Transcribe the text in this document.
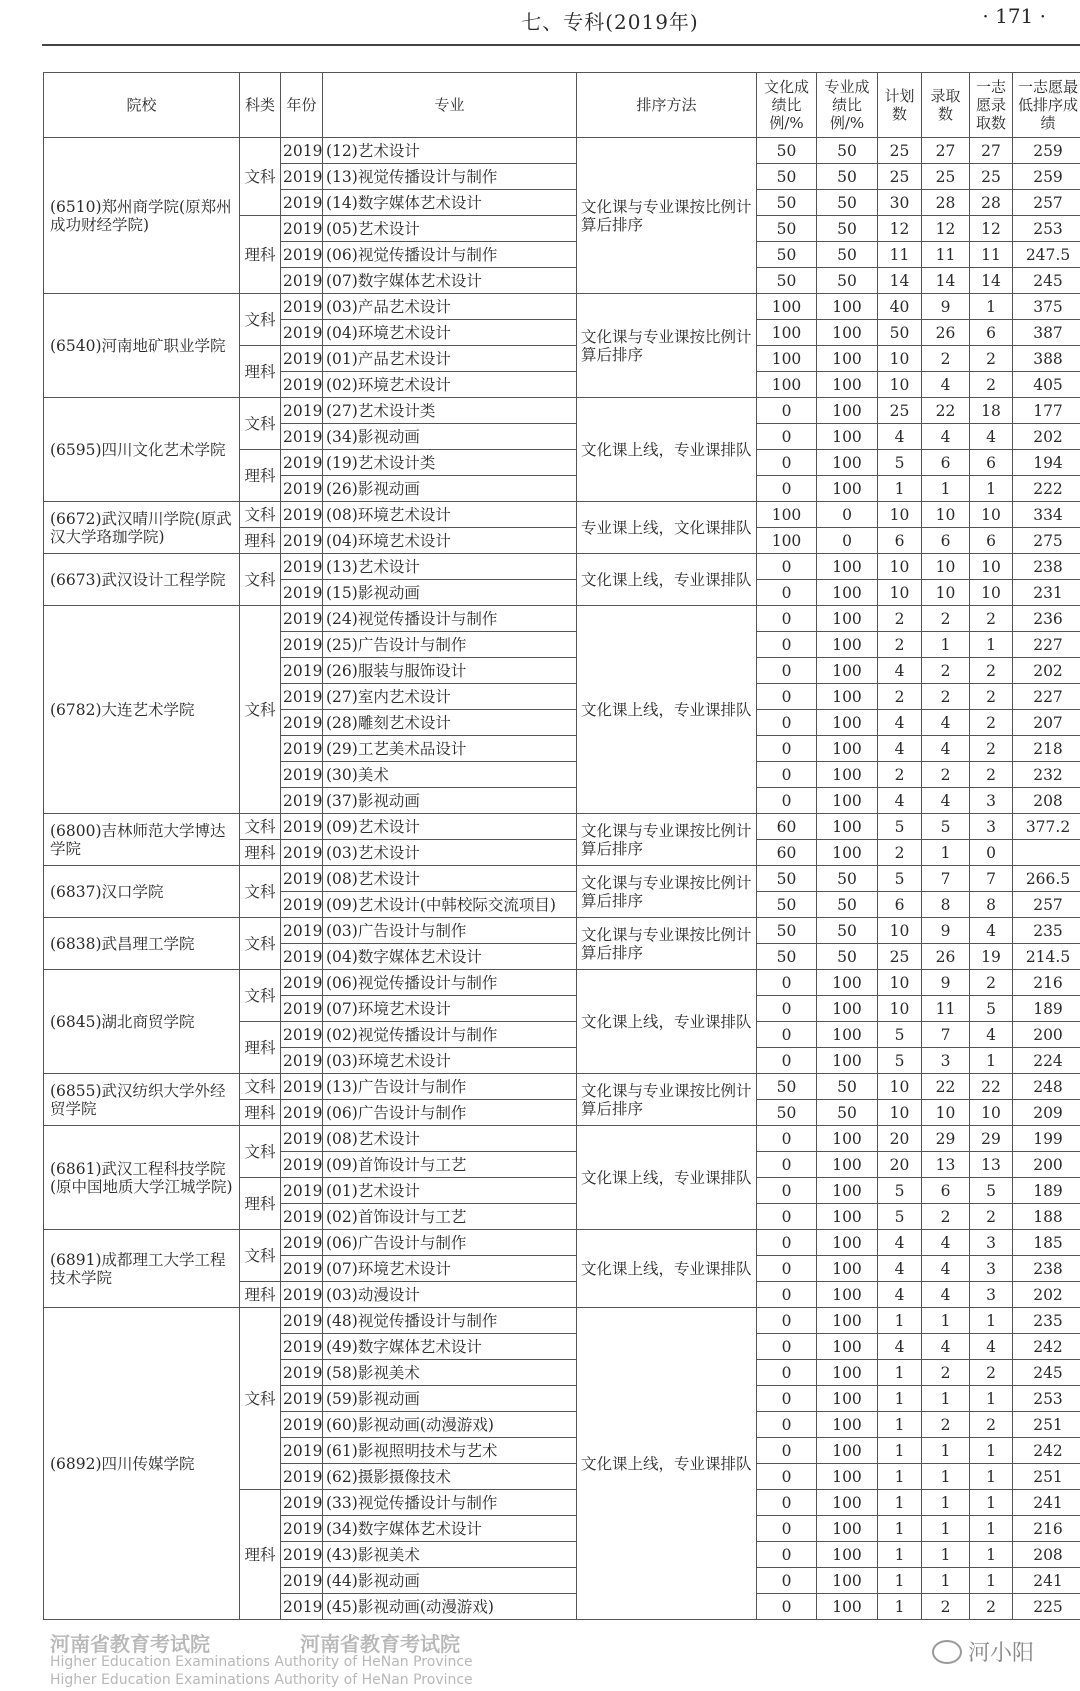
七、专科(2019年)	· 171 ·
院校	科类	年份	专业	排序方法	文化成绩比例/%	专业成绩比例/%	计划数	录取数	一志愿录取数	一志愿最低排序成绩
(6510)郑州商学院(原郑州成功财经学院)	文科	2019	(12)艺术设计	文化课与专业课按比例计算后排序	50	50	25	27	27	259
		2019	(13)视觉传播设计与制作		50	50	25	25	25	259
		2019	(14)数字媒体艺术设计		50	50	30	28	28	257
	理科	2019	(05)艺术设计		50	50	12	12	12	253
		2019	(06)视觉传播设计与制作		50	50	11	11	11	247.5
		2019	(07)数字媒体艺术设计		50	50	14	14	14	245
(6540)河南地矿职业学院	文科	2019	(03)产品艺术设计	文化课与专业课按比例计算后排序	100	100	40	9	1	375
		2019	(04)环境艺术设计		100	100	50	26	6	387
	理科	2019	(01)产品艺术设计		100	100	10	2	2	388
		2019	(02)环境艺术设计		100	100	10	4	2	405
(6595)四川文化艺术学院	文科	2019	(27)艺术设计类	文化课上线，专业课排队	0	100	25	22	18	177
		2019	(34)影视动画		0	100	4	4	4	202
	理科	2019	(19)艺术设计类		0	100	5	6	6	194
		2019	(26)影视动画		0	100	1	1	1	222
(6672)武汉晴川学院(原武汉大学珞珈学院)	文科	2019	(08)环境艺术设计	专业课上线，文化课排队	100	0	10	10	10	334
	理科	2019	(04)环境艺术设计		100	0	6	6	6	275
(6673)武汉设计工程学院	文科	2019	(13)艺术设计	文化课上线，专业课排队	0	100	10	10	10	238
		2019	(15)影视动画		0	100	10	10	10	231
(6782)大连艺术学院	文科	2019	(24)视觉传播设计与制作	文化课上线，专业课排队	0	100	2	2	2	236
		2019	(25)广告设计与制作		0	100	2	1	1	227
		2019	(26)服装与服饰设计		0	100	4	2	2	202
		2019	(27)室内艺术设计		0	100	2	2	2	227
		2019	(28)雕刻艺术设计		0	100	4	4	2	207
		2019	(29)工艺美术品设计		0	100	4	4	2	218
		2019	(30)美术		0	100	2	2	2	232
		2019	(37)影视动画		0	100	4	4	3	208
(6800)吉林师范大学博达学院	文科	2019	(09)艺术设计	文化课与专业课按比例计算后排序	60	100	5	5	3	377.2
	理科	2019	(03)艺术设计		60	100	2	1	0	
(6837)汉口学院	文科	2019	(08)艺术设计	文化课与专业课按比例计算后排序	50	50	5	7	7	266.5
		2019	(09)艺术设计(中韩校际交流项目)		50	50	6	8	8	257
(6838)武昌理工学院	文科	2019	(03)广告设计与制作	文化课与专业课按比例计算后排序	50	50	10	9	4	235
		2019	(04)数字媒体艺术设计		50	50	25	26	19	214.5
(6845)湖北商贸学院	文科	2019	(06)视觉传播设计与制作	文化课上线，专业课排队	0	100	10	9	2	216
		2019	(07)环境艺术设计		0	100	10	11	5	189
	理科	2019	(02)视觉传播设计与制作		0	100	5	7	4	200
		2019	(03)环境艺术设计		0	100	5	3	1	224
(6855)武汉纺织大学外经贸学院	文科	2019	(13)广告设计与制作	文化课与专业课按比例计算后排序	50	50	10	22	22	248
	理科	2019	(06)广告设计与制作		50	50	10	10	10	209
(6861)武汉工程科技学院(原中国地质大学江城学院)	文科	2019	(08)艺术设计	文化课上线，专业课排队	0	100	20	29	29	199
		2019	(09)首饰设计与工艺		0	100	20	13	13	200
	理科	2019	(01)艺术设计		0	100	5	6	5	189
		2019	(02)首饰设计与工艺		0	100	5	2	2	188
(6891)成都理工大学工程技术学院	文科	2019	(06)广告设计与制作	文化课上线，专业课排队	0	100	4	4	3	185
		2019	(07)环境艺术设计		0	100	4	4	3	238
	理科	2019	(03)动漫设计		0	100	4	4	3	202
(6892)四川传媒学院	文科	2019	(48)视觉传播设计与制作	文化课上线，专业课排队	0	100	1	1	1	235
		2019	(49)数字媒体艺术设计		0	100	4	4	4	242
		2019	(58)影视美术		0	100	1	2	2	245
		2019	(59)影视动画		0	100	1	1	1	253
		2019	(60)影视动画(动漫游戏)		0	100	1	2	2	251
		2019	(61)影视照明技术与艺术		0	100	1	1	1	242
		2019	(62)摄影摄像技术		0	100	1	1	1	251
	理科	2019	(33)视觉传播设计与制作		0	100	1	1	1	241
		2019	(34)数字媒体艺术设计		0	100	1	1	1	216
		2019	(43)影视美术		0	100	1	1	1	208
		2019	(44)影视动画		0	100	1	1	1	241
		2019	(45)影视动画(动漫游戏)		0	100	1	2	2	225
河南省教育考试院	河南省教育考试院
Higher Education Examinations Authority of HeNan Province
Higher Education Examinations Authority of HeNan Province
河小阳
